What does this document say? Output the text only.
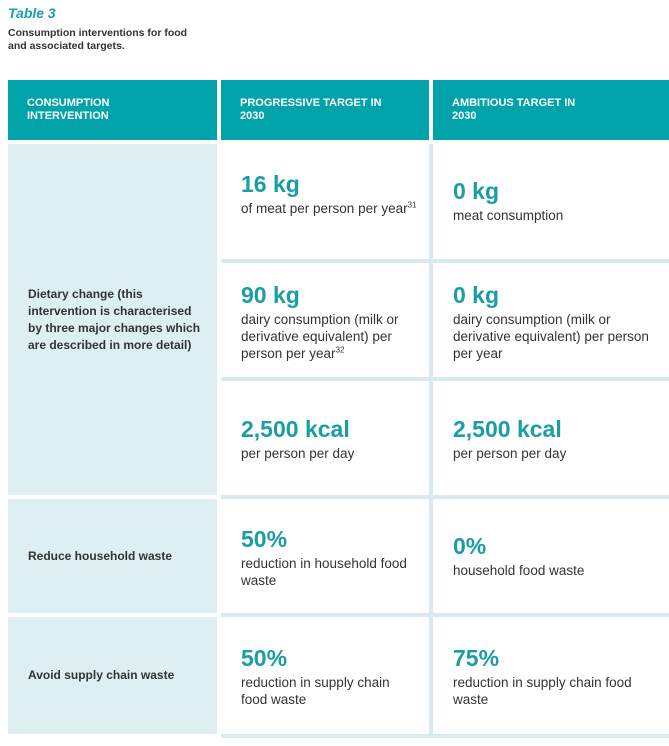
Table 3
Consumption interventions for food and associated targets.
CONSUMPTION INTERVENTION
PROGRESSIVE TARGET IN 2030
AMBITIOUS TARGET IN 2030
Dietary change (this intervention is characterised by three major changes which are described in more detail)
Reduce household waste
Avoid supply chain waste
16 kg
of meat per person per year$^{31}$
0 kg
meat consumption
90 kg
dairy consumption (milk or derivative equivalent) per person per year$^{32}$
0 kg
dairy consumption (milk or derivative equivalent) per person per year
2,500 kcal
per person per day
2,500 kcal
per person per day
50%
reduction in household food waste
0%
household food waste
50%
reduction in supply chain food waste
75%
reduction in supply chain food waste
